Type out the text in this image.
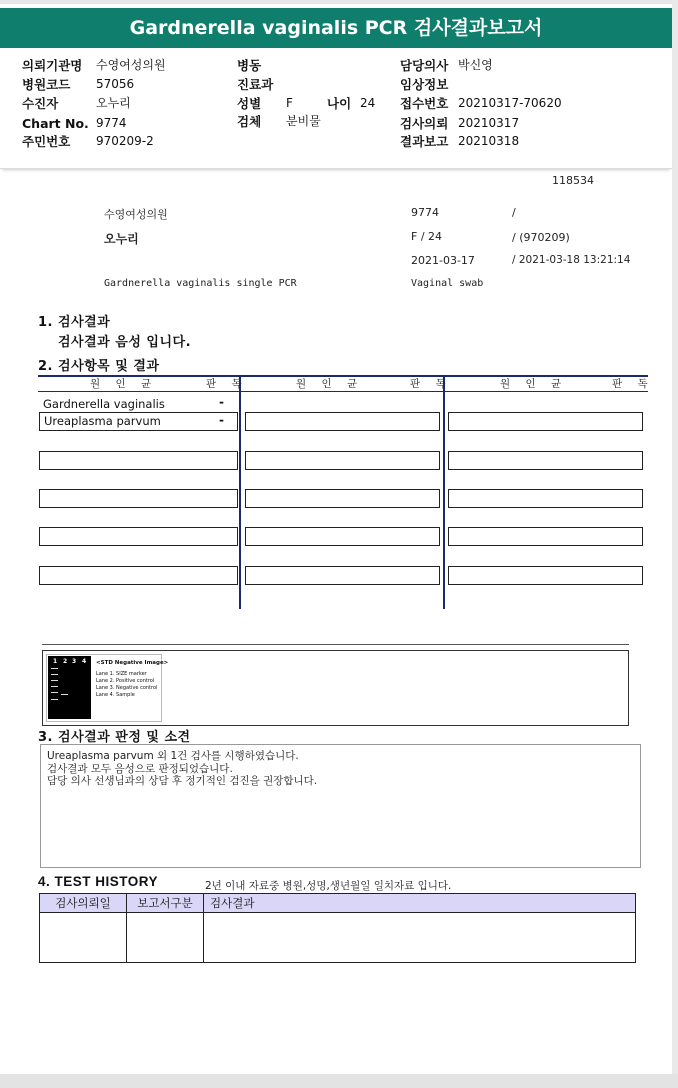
Gardnerella vaginalis PCR 검사결과보고서
의뢰기관명 수영여성의원
병원코드 57056
수진자	오누리
Chart No. 9774
주민번호 970209-2
병동
진료과
성별 F	나이 24
검체 분비물
담당의사 박신영
임상정보
접수번호 20210317-70620
검사의뢰 20210317
결과보고 20210318
118534
수영여성의원	9774	/
오누리	F / 24	/ (970209)
2021-03-17	/ 2021-03-18 13:21:14
Gardnerella vaginalis single PCR	Vaginal swab
1. 검사결과
검사결과 음성 입니다.
2. 검사항목 및 결과
원 인 균	판 독	원 인 균	판 독	원 인 균	판 독
Gardnerella vaginalis	-
Ureaplasma parvum	-
1 2 3 4 <STD Negative Image>
Lane 1. SIZE marker
Lane 2. Positive control
Lane 3. Negative control
Lane 4. Sample
3. 검사결과 판정 및 소견
Ureaplasma parvum 외 1건 검사를 시행하였습니다.
검사결과 모두 음성으로 판정되었습니다.
담당 의사 선생님과의 상담 후 정기적인 검진을 권장합니다.
4. TEST HISTORY	2년 이내 자료중 병원,성명,생년월일 일치자료 입니다.
검사의뢰일	보고서구분	검사결과
